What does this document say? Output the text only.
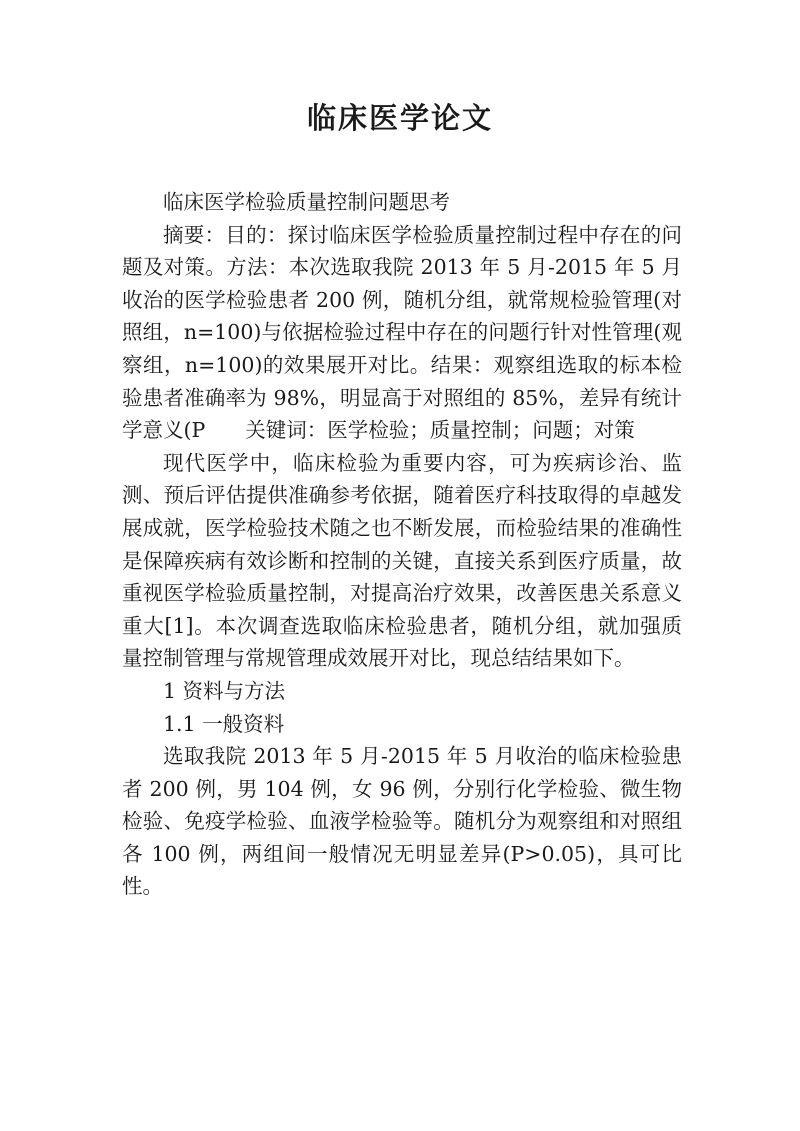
临床医学论文

临床医学检验质量控制问题思考

摘要：目的：探讨临床医学检验质量控制过程中存在的问题及对策。方法：本次选取我院 2013 年 5 月-2015 年 5 月收治的医学检验患者 200 例，随机分组，就常规检验管理(对照组，n=100)与依据检验过程中存在的问题行针对性管理(观察组，n=100)的效果展开对比。结果：观察组选取的标本检验患者准确率为 98%，明显高于对照组的 85%，差异有统计学意义(P 关键词：医学检验；质量控制；问题；对策

现代医学中，临床检验为重要内容，可为疾病诊治、监测、预后评估提供准确参考依据，随着医疗科技取得的卓越发展成就，医学检验技术随之也不断发展，而检验结果的准确性是保障疾病有效诊断和控制的关键，直接关系到医疗质量，故重视医学检验质量控制，对提高治疗效果，改善医患关系意义重大[1]。本次调查选取临床检验患者，随机分组，就加强质量控制管理与常规管理成效展开对比，现总结结果如下。

1 资料与方法

1.1 一般资料

选取我院 2013 年 5 月-2015 年 5 月收治的临床检验患者 200 例，男 104 例，女 96 例，分别行化学检验、微生物检验、免疫学检验、血液学检验等。随机分为观察组和对照组各 100 例，两组间一般情况无明显差异(P>0.05)，具可比性。
